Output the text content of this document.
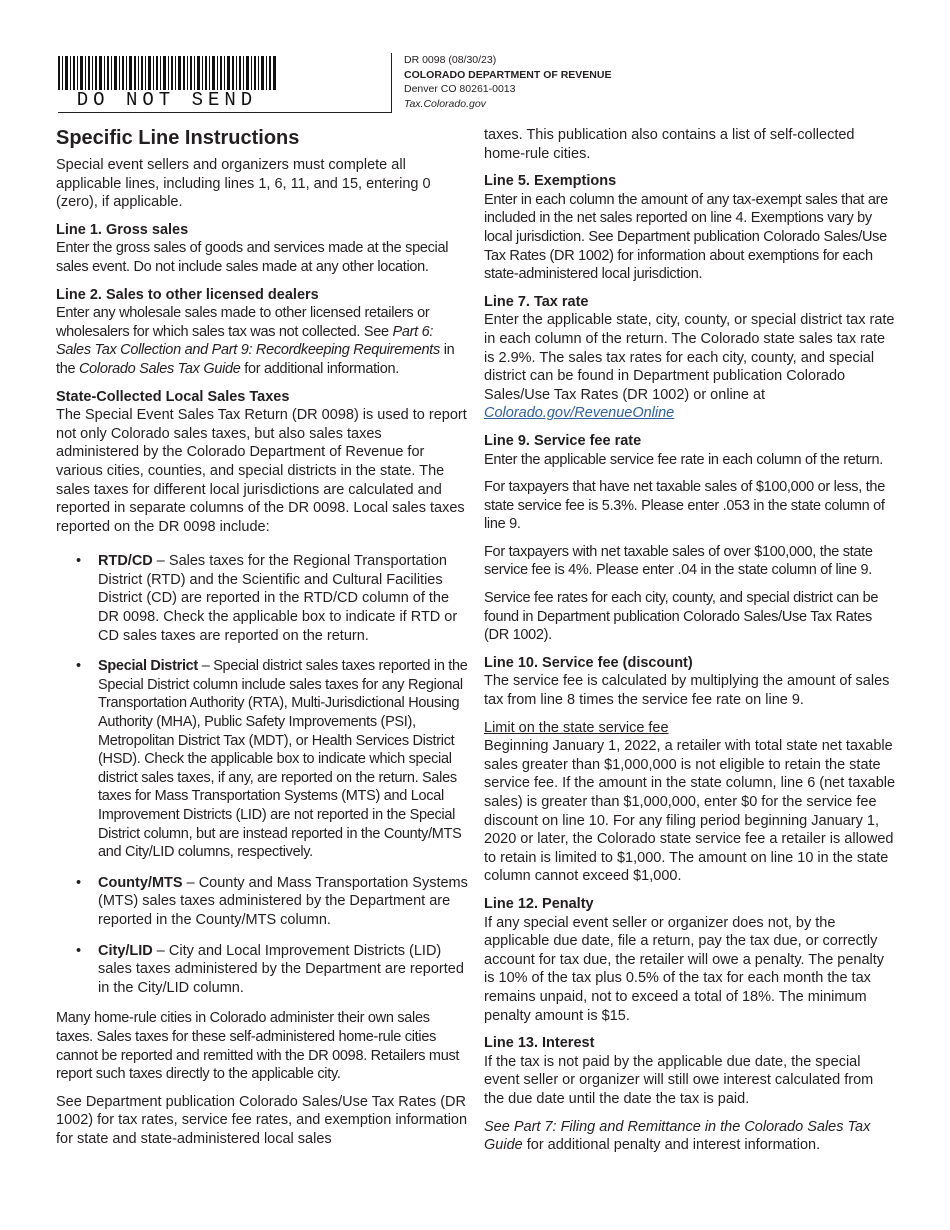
DO NOT SEND
DR 0098 (08/30/23)
COLORADO DEPARTMENT OF REVENUE
Denver CO 80261-0013
Tax.Colorado.gov
Specific Line Instructions
Special event sellers and organizers must complete all applicable lines, including lines 1, 6, 11, and 15, entering 0 (zero), if applicable.
Line 1. Gross sales
Enter the gross sales of goods and services made at the special sales event. Do not include sales made at any other location.
Line 2. Sales to other licensed dealers
Enter any wholesale sales made to other licensed retailers or wholesalers for which sales tax was not collected. See Part 6: Sales Tax Collection and Part 9: Recordkeeping Requirements in the Colorado Sales Tax Guide for additional information.
State-Collected Local Sales Taxes
The Special Event Sales Tax Return (DR 0098) is used to report not only Colorado sales taxes, but also sales taxes administered by the Colorado Department of Revenue for various cities, counties, and special districts in the state. The sales taxes for different local jurisdictions are calculated and reported in separate columns of the DR 0098. Local sales taxes reported on the DR 0098 include:
• RTD/CD – Sales taxes for the Regional Transportation District (RTD) and the Scientific and Cultural Facilities District (CD) are reported in the RTD/CD column of the DR 0098. Check the applicable box to indicate if RTD or CD sales taxes are reported on the return.
• Special District – Special district sales taxes reported in the Special District column include sales taxes for any Regional Transportation Authority (RTA), Multi-Jurisdictional Housing Authority (MHA), Public Safety Improvements (PSI), Metropolitan District Tax (MDT), or Health Services District (HSD). Check the applicable box to indicate which special district sales taxes, if any, are reported on the return. Sales taxes for Mass Transportation Systems (MTS) and Local Improvement Districts (LID) are not reported in the Special District column, but are instead reported in the County/MTS and City/LID columns, respectively.
• County/MTS – County and Mass Transportation Systems (MTS) sales taxes administered by the Department are reported in the County/MTS column.
• City/LID – City and Local Improvement Districts (LID) sales taxes administered by the Department are reported in the City/LID column.
Many home-rule cities in Colorado administer their own sales taxes. Sales taxes for these self-administered home-rule cities cannot be reported and remitted with the DR 0098. Retailers must report such taxes directly to the applicable city.
See Department publication Colorado Sales/Use Tax Rates (DR 1002) for tax rates, service fee rates, and exemption information for state and state-administered local sales
taxes. This publication also contains a list of self-collected home-rule cities.
Line 5. Exemptions
Enter in each column the amount of any tax-exempt sales that are included in the net sales reported on line 4. Exemptions vary by local jurisdiction. See Department publication Colorado Sales/Use Tax Rates (DR 1002) for information about exemptions for each state-administered local jurisdiction.
Line 7. Tax rate
Enter the applicable state, city, county, or special district tax rate in each column of the return. The Colorado state sales tax rate is 2.9%. The sales tax rates for each city, county, and special district can be found in Department publication Colorado Sales/Use Tax Rates (DR 1002) or online at
Colorado.gov/RevenueOnline
Line 9. Service fee rate
Enter the applicable service fee rate in each column of the return.
For taxpayers that have net taxable sales of $100,000 or less, the state service fee is 5.3%. Please enter .053 in the state column of line 9.
For taxpayers with net taxable sales of over $100,000, the state service fee is 4%. Please enter .04 in the state column of line 9.
Service fee rates for each city, county, and special district can be found in Department publication Colorado Sales/Use Tax Rates (DR 1002).
Line 10. Service fee (discount)
The service fee is calculated by multiplying the amount of sales tax from line 8 times the service fee rate on line 9.
Limit on the state service fee
Beginning January 1, 2022, a retailer with total state net taxable sales greater than $1,000,000 is not eligible to retain the state service fee. If the amount in the state column, line 6 (net taxable sales) is greater than $1,000,000, enter $0 for the service fee discount on line 10. For any filing period beginning January 1, 2020 or later, the Colorado state service fee a retailer is allowed to retain is limited to $1,000. The amount on line 10 in the state column cannot exceed $1,000.
Line 12. Penalty
If any special event seller or organizer does not, by the applicable due date, file a return, pay the tax due, or correctly account for tax due, the retailer will owe a penalty. The penalty is 10% of the tax plus 0.5% of the tax for each month the tax remains unpaid, not to exceed a total of 18%. The minimum penalty amount is $15.
Line 13. Interest
If the tax is not paid by the applicable due date, the special event seller or organizer will still owe interest calculated from the due date until the date the tax is paid.
See Part 7: Filing and Remittance in the Colorado Sales Tax Guide for additional penalty and interest information.
